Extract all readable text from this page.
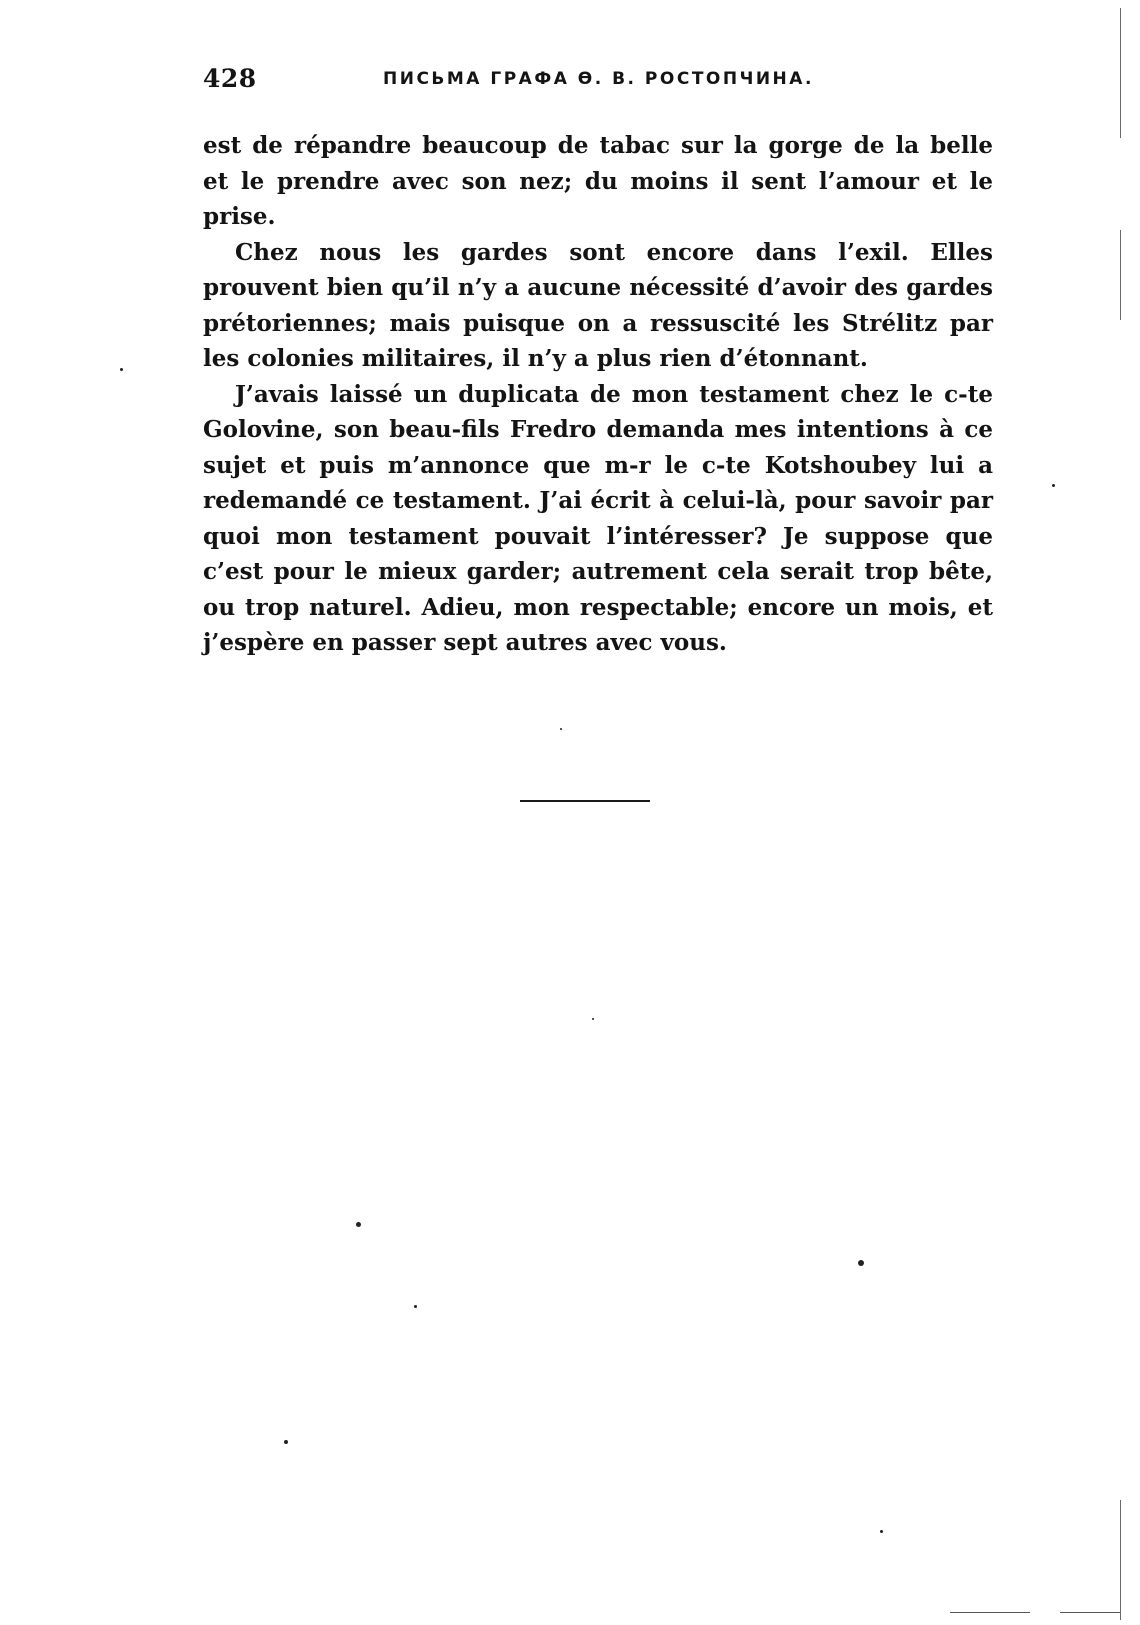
428	ПИСЬМА ГРАФА Ѳ. В. РОСТОПЧИНА.

est de répandre beaucoup de tabac sur la gorge de la belle et le prendre avec son nez; du moins il sent l’amour et le prise.

Chez nous les gardes sont encore dans l’exil. Elles prouvent bien qu’il n’y a aucune nécessité d’avoir des gardes prétoriennes; mais puisque on a ressuscité les Strélitz par les colonies militaires, il n’y a plus rien d’étonnant.

J’avais laissé un duplicata de mon testament chez le c-te Golovine, son beau-fils Fredro demanda mes intentions à ce sujet et puis m’annonce que m-r le c-te Kotshoubey lui a redemandé ce testament. J’ai écrit à celui-là, pour savoir par quoi mon testament pouvait l’intéresser? Je suppose que c’est pour le mieux garder; autrement cela serait trop bête, ou trop naturel. Adieu, mon respectable; encore un mois, et j’espère en passer sept autres avec vous.
